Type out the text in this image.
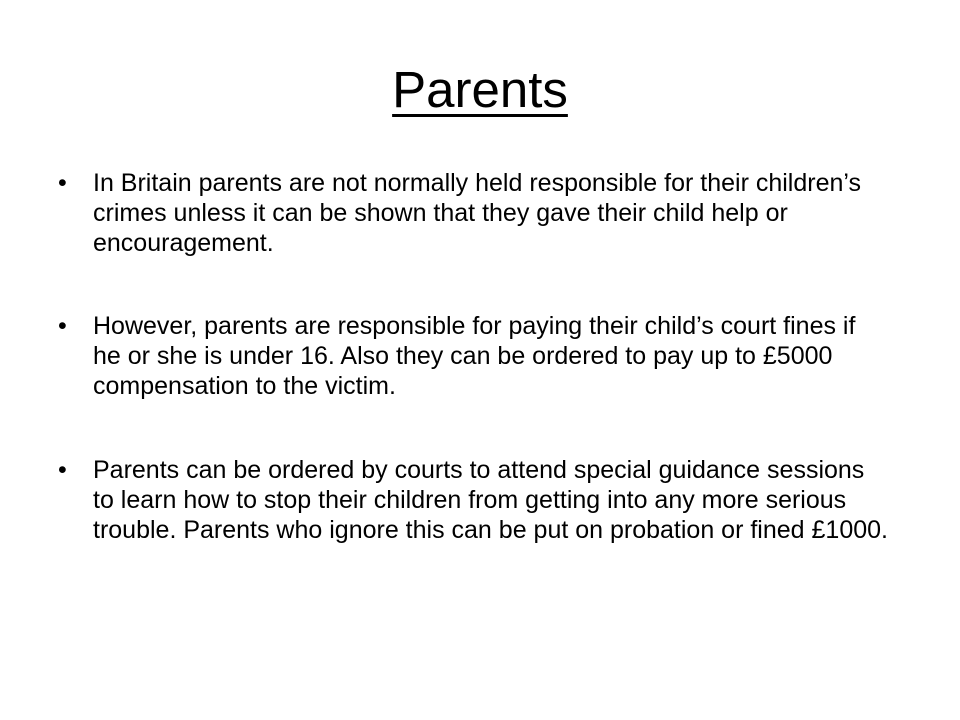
Parents
• In Britain parents are not normally held responsible for their children’s crimes unless it can be shown that they gave their child help or encouragement.
• However, parents are responsible for paying their child’s court fines if he or she is under 16. Also they can be ordered to pay up to £5000 compensation to the victim.
• Parents can be ordered by courts to attend special guidance sessions to learn how to stop their children from getting into any more serious trouble. Parents who ignore this can be put on probation or fined £1000.
